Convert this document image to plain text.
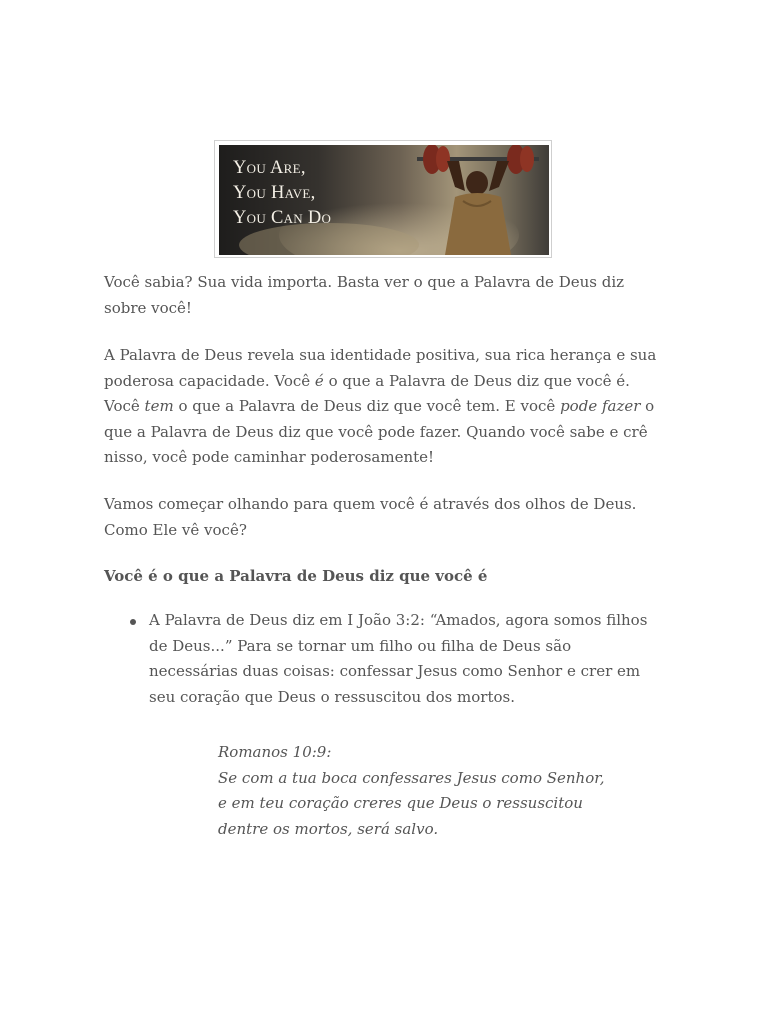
You Are,
You Have,
You Can Do

Você sabia? Sua vida importa. Basta ver o que a Palavra de Deus diz sobre você!

A Palavra de Deus revela sua identidade positiva, sua rica herança e sua poderosa capacidade. Você é o que a Palavra de Deus diz que você é. Você tem o que a Palavra de Deus diz que você tem. E você pode fazer o que a Palavra de Deus diz que você pode fazer. Quando você sabe e crê nisso, você pode caminhar poderosamente!

Vamos começar olhando para quem você é através dos olhos de Deus. Como Ele vê você?

Você é o que a Palavra de Deus diz que você é

A Palavra de Deus diz em I João 3:2: “Amados, agora somos filhos de Deus...” Para se tornar um filho ou filha de Deus são necessárias duas coisas: confessar Jesus como Senhor e crer em seu coração que Deus o ressuscitou dos mortos.
Romanos 10:9:
Se com a tua boca confessares Jesus como Senhor, e em teu coração creres que Deus o ressuscitou dentre os mortos, será salvo.
